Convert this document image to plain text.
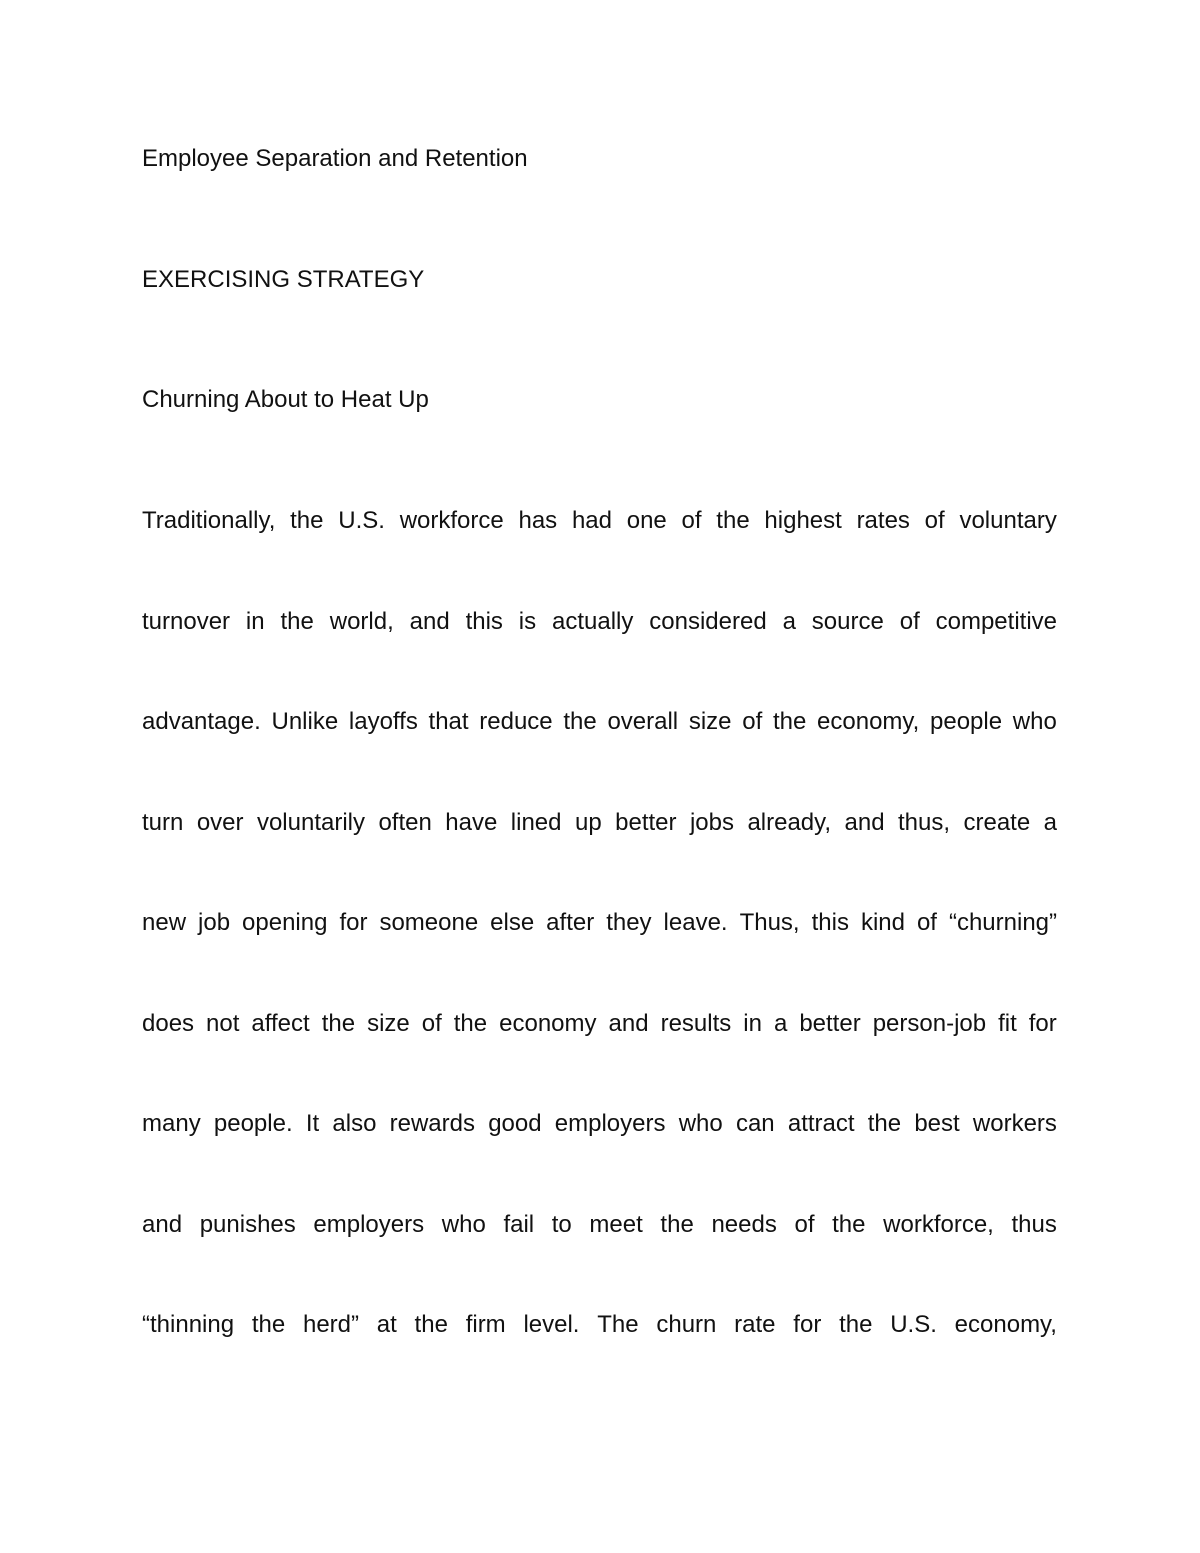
Employee Separation and Retention

EXERCISING STRATEGY

Churning About to Heat Up

Traditionally, the U.S. workforce has had one of the highest rates of voluntary
turnover in the world, and this is actually considered a source of competitive
advantage. Unlike layoffs that reduce the overall size of the economy, people who
turn over voluntarily often have lined up better jobs already, and thus, create a
new job opening for someone else after they leave. Thus, this kind of “churning”
does not affect the size of the economy and results in a better person-job fit for
many people. It also rewards good employers who can attract the best workers
and punishes employers who fail to meet the needs of the workforce, thus
“thinning the herd” at the firm level. The churn rate for the U.S. economy,
